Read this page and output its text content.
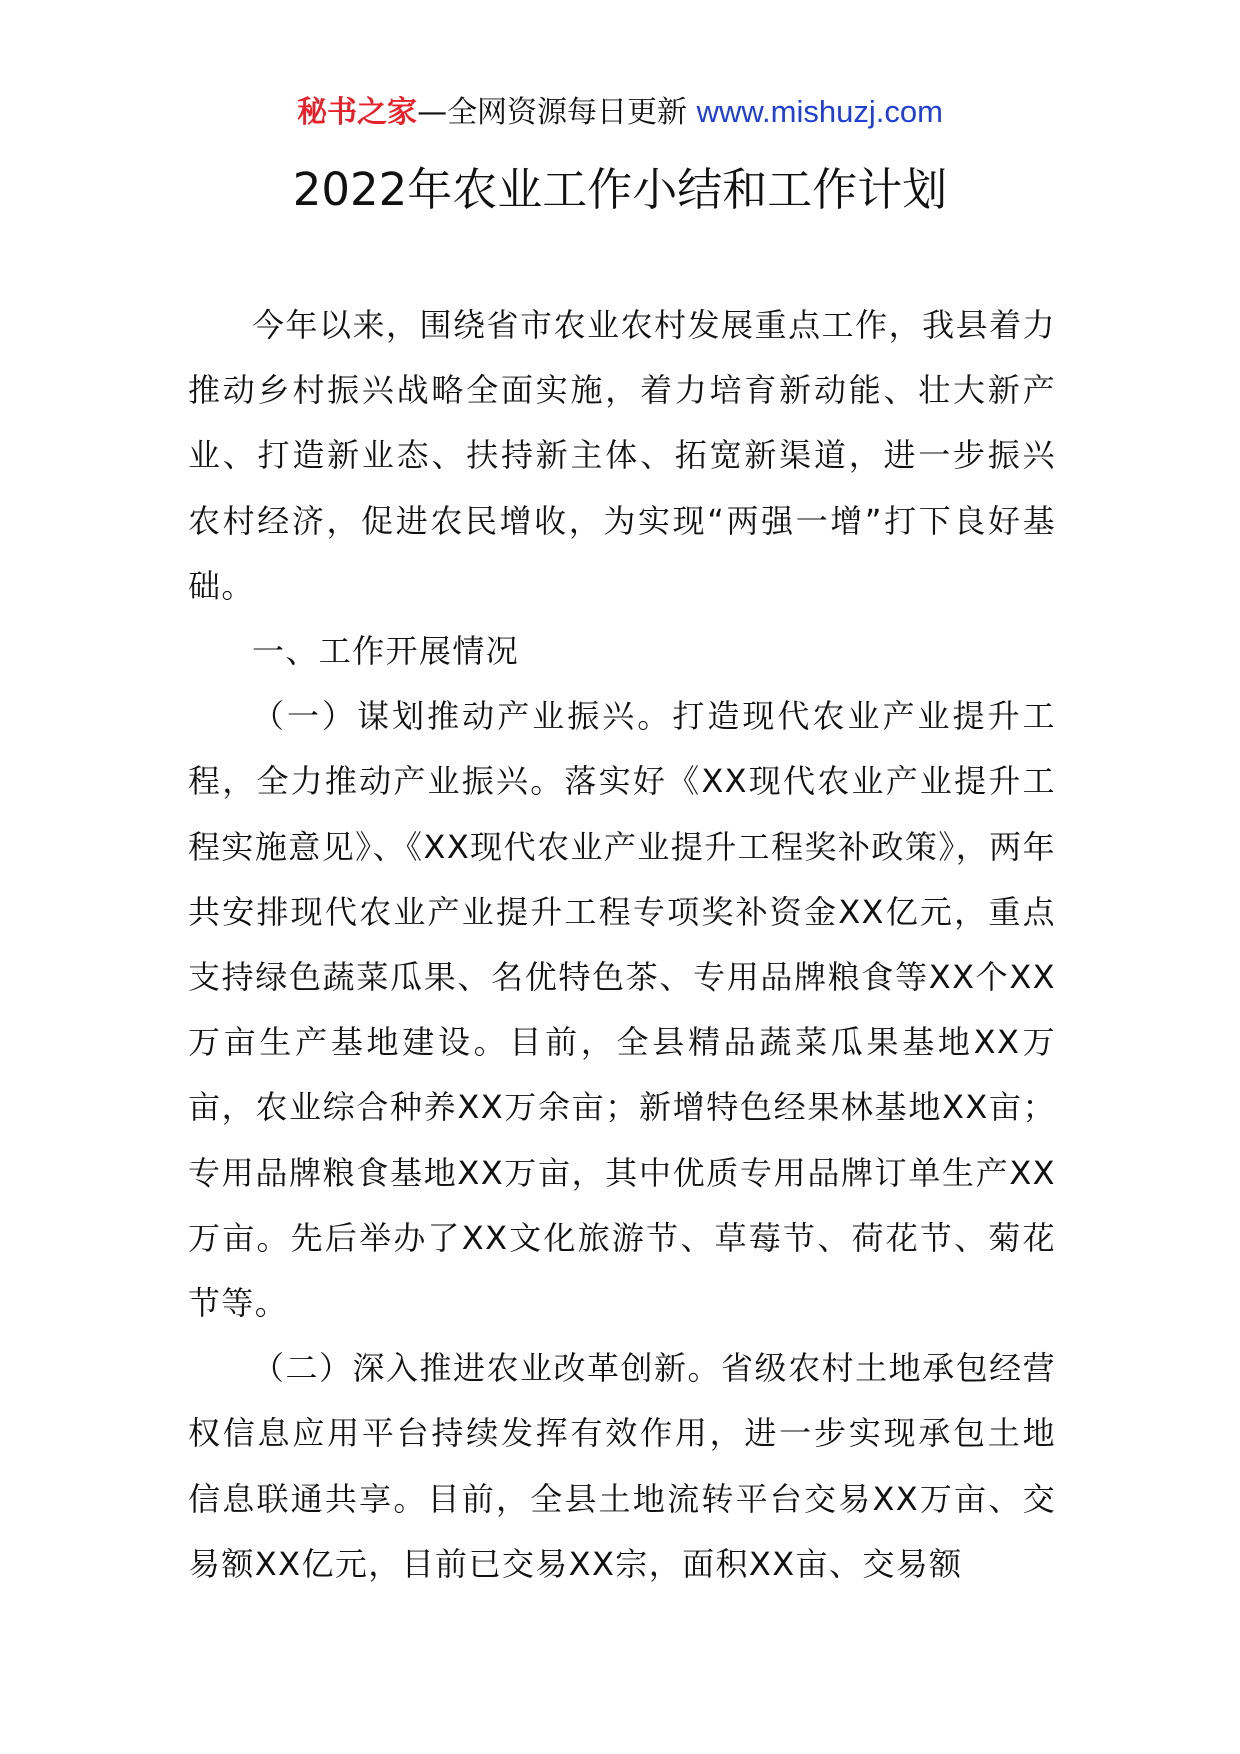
秘书之家—全网资源每日更新 www.mishuzj.com
2022年农业工作小结和工作计划

今年以来，围绕省市农业农村发展重点工作，我县着力推动乡村振兴战略全面实施，着力培育新动能、壮大新产业、打造新业态、扶持新主体、拓宽新渠道，进一步振兴农村经济，促进农民增收，为实现“两强一增”打下良好基础。

一、工作开展情况

（一）谋划推动产业振兴。打造现代农业产业提升工程，全力推动产业振兴。落实好《XX现代农业产业提升工程实施意见》、《XX现代农业产业提升工程奖补政策》，两年共安排现代农业产业提升工程专项奖补资金XX亿元，重点支持绿色蔬菜瓜果、名优特色茶、专用品牌粮食等XX个XX万亩生产基地建设。目前，全县精品蔬菜瓜果基地XX万亩，农业综合种养XX万余亩；新增特色经果林基地XX亩；专用品牌粮食基地XX万亩，其中优质专用品牌订单生产XX万亩。先后举办了XX文化旅游节、草莓节、荷花节、菊花节等。

（二）深入推进农业改革创新。省级农村土地承包经营权信息应用平台持续发挥有效作用，进一步实现承包土地信息联通共享。目前，全县土地流转平台交易XX万亩、交易额XX亿元，目前已交易XX宗，面积XX亩、交易额
